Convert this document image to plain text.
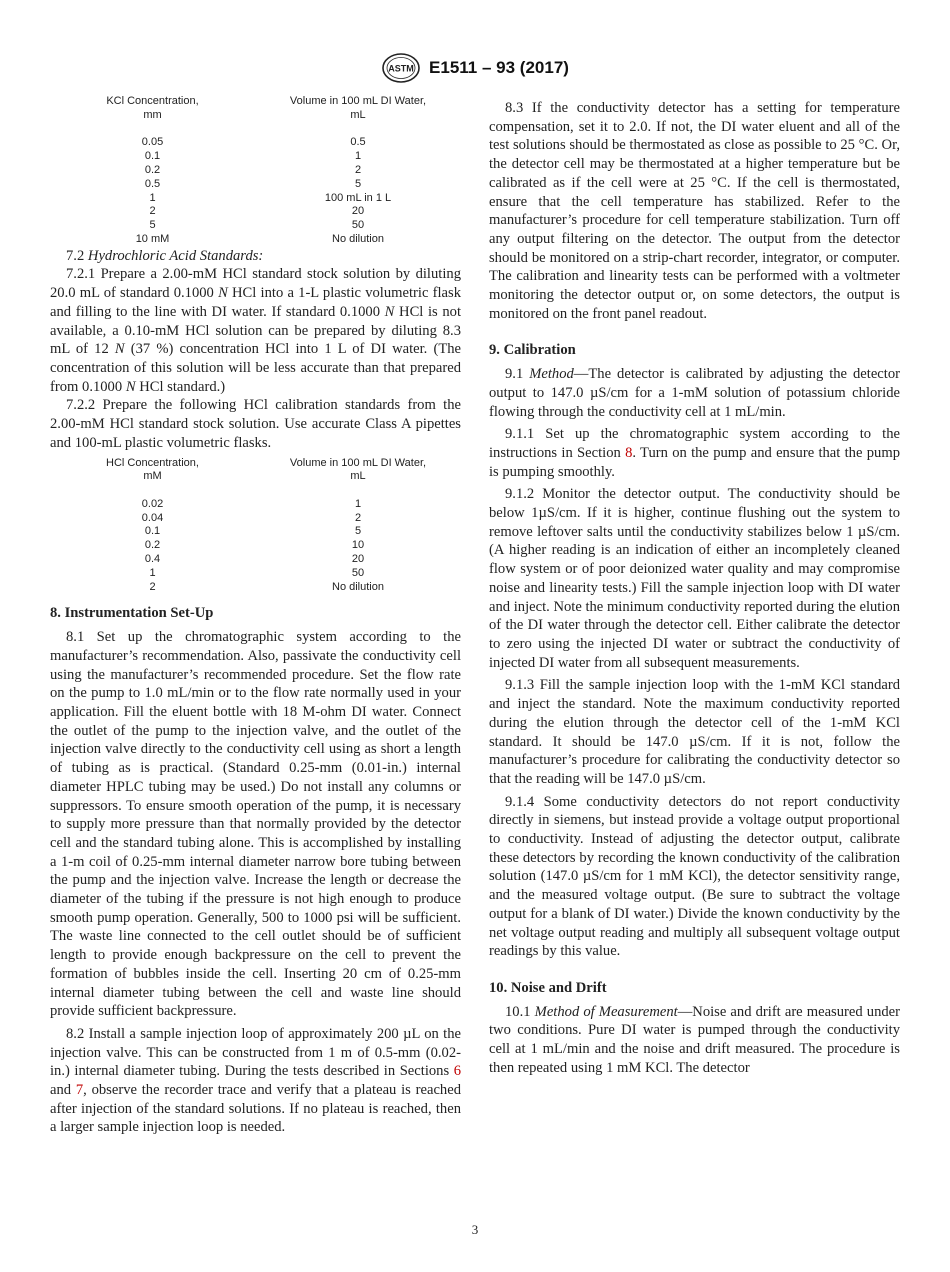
ASTM E1511 – 93 (2017)
KCl Concentration,	Volume in 100 mL DI Water,
mm	mL
0.05	0.5
0.1	1
0.2	2
0.5	5
1	100 mL in 1 L
2	20
5	50
10 mM	No dilution

7.2 Hydrochloric Acid Standards:

7.2.1 Prepare a 2.00-mM HCl standard stock solution by diluting 20.0 mL of standard 0.1000 N HCl into a 1-L plastic volumetric flask and filling to the line with DI water. If standard 0.1000 N HCl is not available, a 0.10-mM HCl solution can be prepared by diluting 8.3 mL of 12 N (37 %) concentration HCl into 1 L of DI water. (The concentration of this solution will be less accurate than that prepared from 0.1000 N HCl standard.)

7.2.2 Prepare the following HCl calibration standards from the 2.00-mM HCl standard stock solution. Use accurate Class A pipettes and 100-mL plastic volumetric flasks.

HCl Concentration,	Volume in 100 mL DI Water,
mM	mL
0.02	1
0.04	2
0.1	5
0.2	10
0.4	20
1	50
2	No dilution

8. Instrumentation Set-Up

8.1 Set up the chromatographic system according to the manufacturer’s recommendation. Also, passivate the conductivity cell using the manufacturer’s recommended procedure. Set the flow rate on the pump to 1.0 mL/min or to the flow rate normally used in your application. Fill the eluent bottle with 18 M-ohm DI water. Connect the outlet of the pump to the injection valve, and the outlet of the injection valve directly to the conductivity cell using as short a length of tubing as is practical. (Standard 0.25-mm (0.01-in.) internal diameter HPLC tubing may be used.) Do not install any columns or suppressors. To ensure smooth operation of the pump, it is necessary to supply more pressure than that normally provided by the detector cell and the standard tubing alone. This is accomplished by installing a 1-m coil of 0.25-mm internal diameter narrow bore tubing between the pump and the injection valve. Increase the length or decrease the diameter of the tubing if the pressure is not high enough to produce smooth pump operation. Generally, 500 to 1000 psi will be sufficient. The waste line connected to the cell outlet should be of sufficient length to provide enough backpressure on the cell to prevent the formation of bubbles inside the cell. Inserting 20 cm of 0.25-mm internal diameter tubing between the cell and waste line should provide sufficient backpressure.

8.2 Install a sample injection loop of approximately 200 µL on the injection valve. This can be constructed from 1 m of 0.5-mm (0.02-in.) internal diameter tubing. During the tests described in Sections 6 and 7, observe the recorder trace and verify that a plateau is reached after injection of the standard solutions. If no plateau is reached, then a larger sample injection loop is needed.

8.3 If the conductivity detector has a setting for temperature compensation, set it to 2.0. If not, the DI water eluent and all of the test solutions should be thermostated as close as possible to 25 °C. Or, the detector cell may be thermostated at a higher temperature but be calibrated as if the cell were at 25 °C. If the cell is thermostated, ensure that the cell temperature has stabilized. Refer to the manufacturer’s procedure for cell temperature stabilization. Turn off any output filtering on the detector. The output from the detector should be monitored on a strip-chart recorder, integrator, or computer. The calibration and linearity tests can be performed with a voltmeter monitoring the detector output or, on some detectors, the output is monitored on the front panel readout.

9. Calibration

9.1 Method—The detector is calibrated by adjusting the detector output to 147.0 µS/cm for a 1-mM solution of potassium chloride flowing through the conductivity cell at 1 mL/min.

9.1.1 Set up the chromatographic system according to the instructions in Section 8. Turn on the pump and ensure that the pump is pumping smoothly.

9.1.2 Monitor the detector output. The conductivity should be below 1µS/cm. If it is higher, continue flushing out the system to remove leftover salts until the conductivity stabilizes below 1 µS/cm. (A higher reading is an indication of either an incompletely cleaned flow system or of poor deionized water quality and may compromise noise and linearity tests.) Fill the sample injection loop with DI water and inject. Note the minimum conductivity reported during the elution of the DI water through the detector cell. Either calibrate the detector to zero using the injected DI water or subtract the conductivity of injected DI water from all subsequent measurements.

9.1.3 Fill the sample injection loop with the 1-mM KCl standard and inject the standard. Note the maximum conductivity reported during the elution through the detector cell of the 1-mM KCl standard. It should be 147.0 µS/cm. If it is not, follow the manufacturer’s procedure for calibrating the conductivity detector so that the reading will be 147.0 µS/cm.

9.1.4 Some conductivity detectors do not report conductivity directly in siemens, but instead provide a voltage output proportional to conductivity. Instead of adjusting the detector output, calibrate these detectors by recording the known conductivity of the calibration solution (147.0 µS/cm for 1 mM KCl), the detector sensitivity range, and the measured voltage output. (Be sure to subtract the voltage output for a blank of DI water.) Divide the known conductivity by the net voltage output reading and multiply all subsequent voltage output readings by this value.

10. Noise and Drift

10.1 Method of Measurement—Noise and drift are measured under two conditions. Pure DI water is pumped through the conductivity cell at 1 mL/min and the noise and drift measured. The procedure is then repeated using 1 mM KCl. The detector

3
